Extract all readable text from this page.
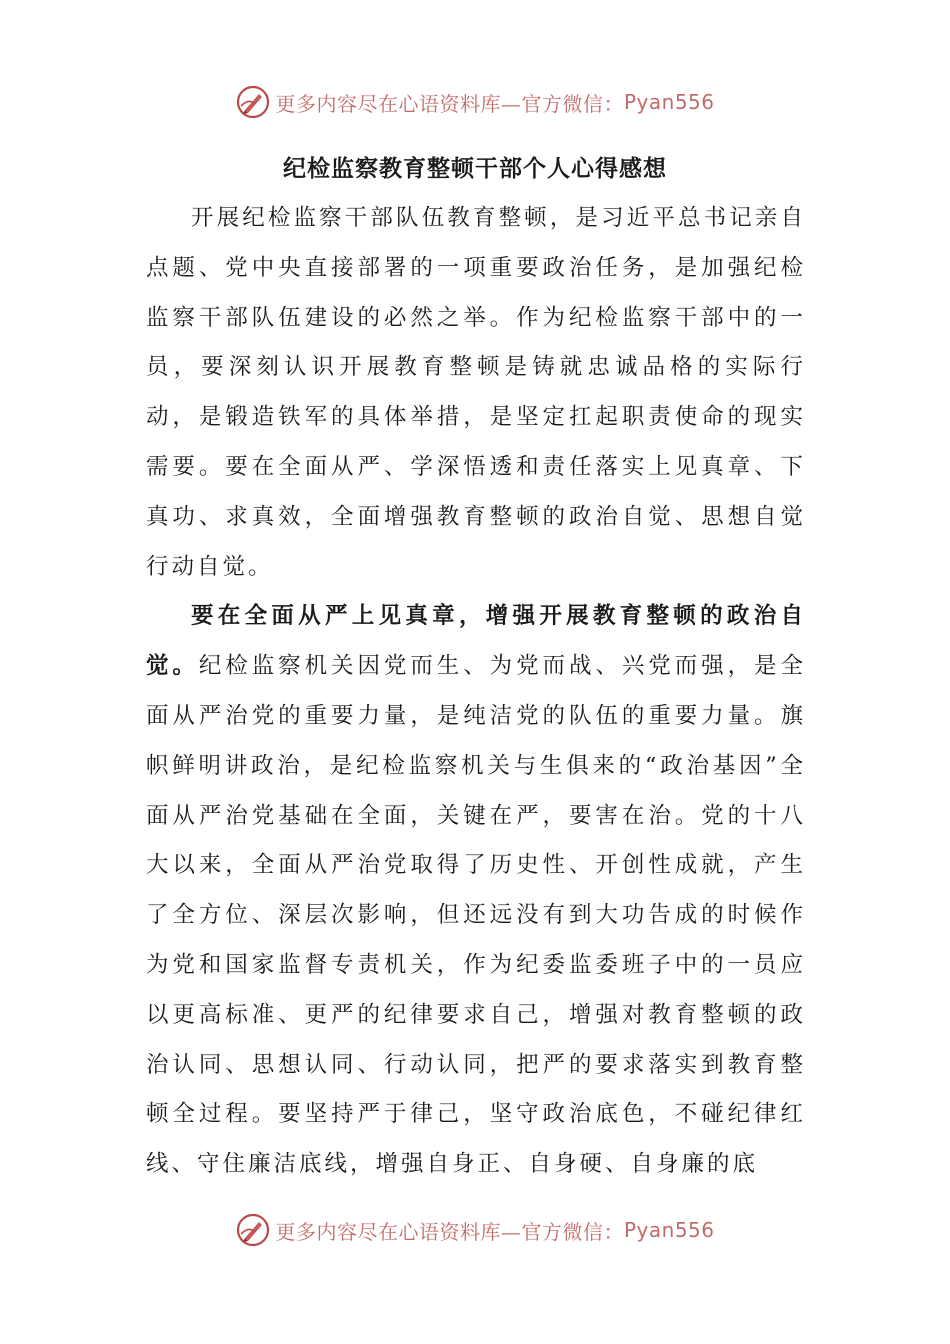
更多内容尽在心语资料库—官方微信： Pyan556
纪检监察教育整顿干部个人心得感想

开展纪检监察干部队伍教育整顿，是习近平总书记亲自点题、党中央直接部署的一项重要政治任务，是加强纪检监察干部队伍建设的必然之举。作为纪检监察干部中的一员，要深刻认识开展教育整顿是铸就忠诚品格的实际行动，是锻造铁军的具体举措，是坚定扛起职责使命的现实需要。要在全面从严、学深悟透和责任落实上见真章、下真功、求真效，全面增强教育整顿的政治自觉、思想自觉行动自觉。

要在全面从严上见真章，增强开展教育整顿的政治自觉。纪检监察机关因党而生、为党而战、兴党而强，是全面从严治党的重要力量，是纯洁党的队伍的重要力量。旗帜鲜明讲政治，是纪检监察机关与生俱来的“政治基因”全面从严治党基础在全面，关键在严，要害在治。党的十八大以来，全面从严治党取得了历史性、开创性成就，产生了全方位、深层次影响，但还远没有到大功告成的时候作为党和国家监督专责机关，作为纪委监委班子中的一员应以更高标准、更严的纪律要求自己，增强对教育整顿的政治认同、思想认同、行动认同，把严的要求落实到教育整顿全过程。要坚持严于律己，坚守政治底色，不碰纪律红线、守住廉洁底线，增强自身正、自身硬、自身廉的底

更多内容尽在心语资料库—官方微信： Pyan556
